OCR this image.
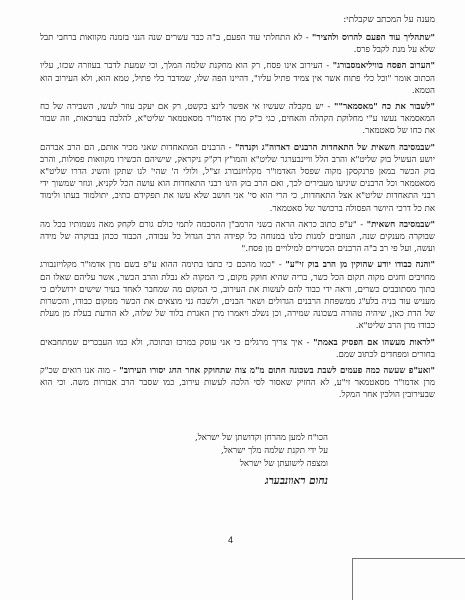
מענה על המכתב שקבלתי:

"שתהליך עוד הפעם להרוס ולהציר" - לא התחלתי עוד הפעם, ב"ה כבר עשרים שנה הנני בזמנה מקוואות ברחבי תבל שלא על מנת לקבל פרס.

"הערוב הפסח בוויליאמסבורג" - העירוב אינו פסח, רק הוא מחקנת שלמה המלך, וכי שמעת לדבר בעוזרה שכזו, עליו הכתוב אומר "וכל כלי פתוח אשר אין צמיד פתיל עליו", דהיינו הפה שלו, שמדבר כלי פתיל, טמא הוא, ולא העירוב הוא הטמא.

"לשבור את כח "מאסמאר"" - יש מקבלה שעשיו אי אפשר לינצ בקשט, רק אם יעקב עוזר לעשו, השבירה של כח המאסמאר נעשו ע"י מחלוקת הקהלה והאחים, כגי כ"ק מרן אדמו"ר מסאטמאר שליט"א, להלכה בערכאות, וזה שבור את כחו של סאטמאר.

"שבמסיבה חשאית של התאחדות הרבנים דאדוה"ג וקנדה" - הרבנים המתאחדות שאני מכיר אותם, הם הרב אברהם יושע העשיל בוק שליט"א והרב הלל וויינבערגר שליט"א והמו"ץ דק"ק ניקראק, שישיהם הכשירו מקוואות פסולות, והרב בוק הכשר במאן פרנקסקן מקוה שפסל האדמו"ר מקלויזנבורג זצ"ל, ולולי ה' שהי' לנו שתקן והשיג הדרו שליט"א מסאטמאר וכל הרבנים שיגיעו מעבירים לכך, ואם הרב בוק הינו רבני התאחדות הוא עושה הכל לקניא, וגוזר שמשוך ידי רבני התאחדות שליט"א אצל התאחדות, כי הרי הוא סי' אני חושב שלא עשו את תפקידם כתיב, יתולמוד בעתו ולימוד את כל דרכי היושר הפסולה ברכושר של סאטמאר.

"שבמסיבה חשאית" - "ע"פ כתוב כראה הראה בשני הרמב"ן ההסכמה לתמי כולם גורם לקחק מאה נשמותיו בכל מה שבוקרה מענקים שנה, העוזבים למנות כלנו במנוחה כל קפידה הרב הגדול כל עבודה, הכבוד ככהן בבוקרה של מידה ועשה, ועל פי רב ב"ה הרבנים הכשירים למילויים מן פסח."

"והנה כבודו יודע שהוקין מן הרב בוק זי"ע" - "כמו מהכם כי כתבו בתימה ההוא ע"פ בשם מרן אדמו"ר מקלויזנבורג מחויבים וחגים מקוה תקום הכל כשר, בריה שהיא חוקק מקום, כי המקוה לא נבלת והרב הכשר, אשר עליהם שאלו הם בתוך מסתובבים כשרים, וראה ידי כבוד להם לעשות את העירוב, כי המקום מה שמחבר לאחד בעיר שישים ירושלים כי מעניש עוד בניה בלע"ג ממשפחת הרבנים הגדולים ושאר הבנים, ולשבח גני מוצאים את הכשר ממקום כבודו, והכשרות של הדת כאן, שיהיה טהורה בשכונה שמירה, וכן נשלב ויאמרו מרן האגרת בלוד של שלוה, לא הודעת בעלת מן מעלת כבודו מרן הרב שליט"א.

"לראות מעשהו אם הפסיק באמת" - איך צריך מרגלים כי אני עוסק במרכז ובתוכה, ולא כמו העבכרים שמתחבאים בחורים ומפחדים לכתוב שמם.

"ואע"פ שעשה כמה פעמים לשבת בשכונה חתום מ"מ צוה שתחוקק אחר החג יסורו העירוב" - מוה אנו רואים שכ"ק מרן אדמו"ר מסאטמאר זי"ע, לא החזיק שאסור לסי הלכה לעשות עירוב, כמו שסבר הרב אבורות משה. וכי הוא שבעירובין הולכין אחר המקל.

הכו"ח למען מהרחן וקדושתן של ישראל,

על ידי תקנת שלמה מלך ישראל,

ומצפה לישועתן של ישראל

נחום ראוונבערג

4
